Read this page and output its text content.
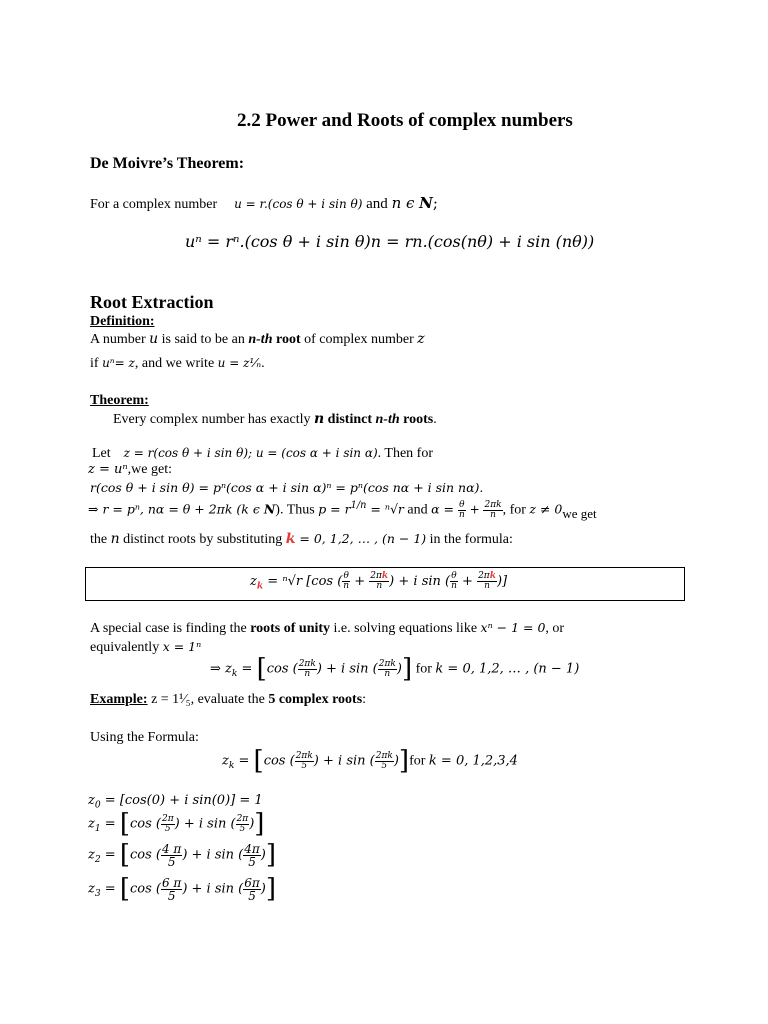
2.2 Power and Roots of complex numbers
De Moivre’s Theorem:
For a complex number u = r.(cos θ + i sin θ) and n ϵ N;
uⁿ = rⁿ.(cos θ + i sin θ)n = rn.(cos(nθ) + i sin (nθ))
Root Extraction
Definition:
A number u is said to be an n-th root of complex number z
if uⁿ= z, and we write u = z¹⁄ₙ.
Theorem:
Every complex number has exactly n distinct n-th roots.
Let z = r(cos θ + i sin θ); u = (cos α + i sin α). Then for
z = uⁿ,we get:
r(cos θ + i sin θ) = pⁿ(cos α + i sin α)ⁿ = pⁿ(cos nα + i sin nα).
⇒ r = pⁿ, nα = θ + 2πk (k ϵ N). Thus $p = r^{1/n} = ^n√r$ and $\alpha = \frac{\theta}{n} + \frac{2\pi k}{n}$ , for z ≠ 0we get
the n distinct roots by substituting k = 0, 1,2, … , (n − 1) in the formula:
$z_k = ^n√r$ [cos ( $\frac{\theta}{n} + \frac{2\pi k}{n}$ ) + i sin ( $\frac{\theta}{n} + \frac{2\pi k}{n}$ )]
A special case is finding the roots of unity i.e. solving equations like xⁿ − 1 = 0, or
equivalently x = 1ⁿ
⇒ $z_k = [\cos$ ( $\frac{2\pi k}{n}$ ) + i sin ( $\frac{2\pi k}{n}$ )] for k = 0, 1,2, … , (n − 1)
Example: z = 1¹⁄₅, evaluate the 5 complex roots:
Using the Formula:
$z_k = [\cos$ ( $\frac{2\pi k}{5}$ ) + i sin ( $\frac{2\pi k}{5} )]for$ k = 0, 1,2,3,4
$z_0 = [\cos(0) + i$ sin(0)] = 1
$z_1 = [\cos$ ( $\frac{2\pi}{5}$ ) + i sin ( $\frac{2\pi}{5}$ )]
$z_2 = [\cos$ ( $\frac{4 \pi}{5}$ ) + i sin ( $\frac{4\pi}{5}$ )]
$z_3 = [\cos$ ( $\frac{6 \pi}{5}$ ) + i sin ( $\frac{6\pi}{5}$ )]
